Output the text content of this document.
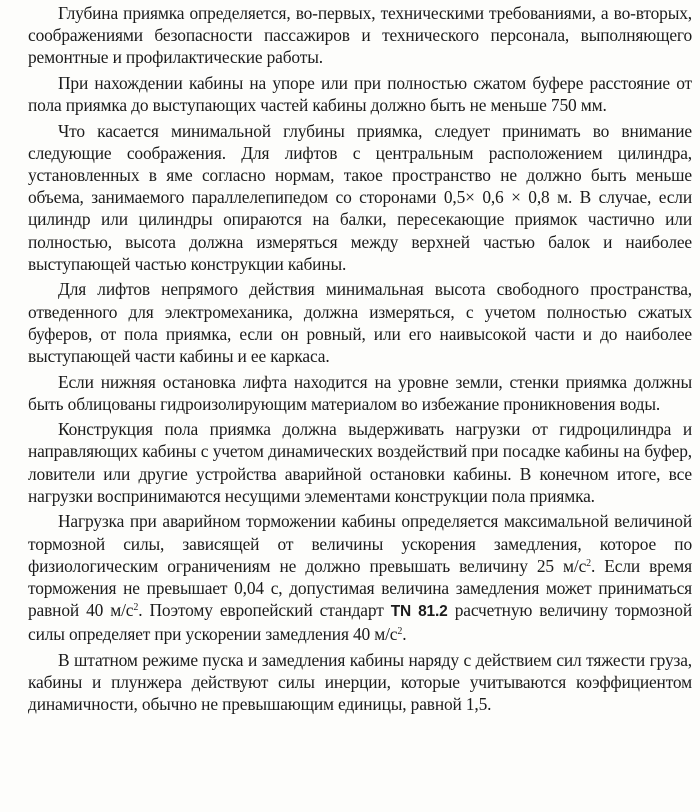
Глубина приямка определяется, во-первых, техническими требованиями, а во-вторых, соображениями безопасности пассажиров и технического персонала, выполняющего ремонтные и профилактические работы.

При нахождении кабины на упоре или при полностью сжатом буфере расстояние от пола приямка до выступающих частей кабины должно быть не меньше 750 мм.

Что касается минимальной глубины приямка, следует принимать во внимание следующие соображения. Для лифтов с центральным расположением цилиндра, установленных в яме согласно нормам, такое пространство не должно быть меньше объема, занимаемого параллелепипедом со сторонами 0,5× 0,6 × 0,8 м. В случае, если цилиндр или цилиндры опираются на балки, пересекающие приямок частично или полностью, высота должна измеряться между верхней частью балок и наиболее выступающей частью конструкции кабины.

Для лифтов непрямого действия минимальная высота свободного пространства, отведенного для электромеханика, должна измеряться, с учетом полностью сжатых буферов, от пола приямка, если он ровный, или его наивысокой части и до наиболее выступающей части кабины и ее каркаса.

Если нижняя остановка лифта находится на уровне земли, стенки приямка должны быть облицованы гидроизолирующим материалом во избежание проникновения воды.

Конструкция пола приямка должна выдерживать нагрузки от гидроцилиндра и направляющих кабины с учетом динамических воздействий при посадке кабины на буфер, ловители или другие устройства аварийной остановки кабины. В конечном итоге, все нагрузки воспринимаются несущими элементами конструкции пола приямка.

Нагрузка при аварийном торможении кабины определяется максимальной величиной тормозной силы, зависящей от величины ускорения замедления, которое по физиологическим ограничениям не должно превышать величину 25 $м/с^2$. Если время торможения не превышает 0,04 с, допустимая величина замедления может приниматься равной 40 $м/с^2$. Поэтому европейский стандарт TN 81.2 расчетную величину тормозной силы определяет при ускорении замедления 40 $м/с^2$.

В штатном режиме пуска и замедления кабины наряду с действием сил тяжести груза, кабины и плунжера действуют силы инерции, которые учитываются коэффициентом динамичности, обычно не превышающим единицы, равной 1,5.
